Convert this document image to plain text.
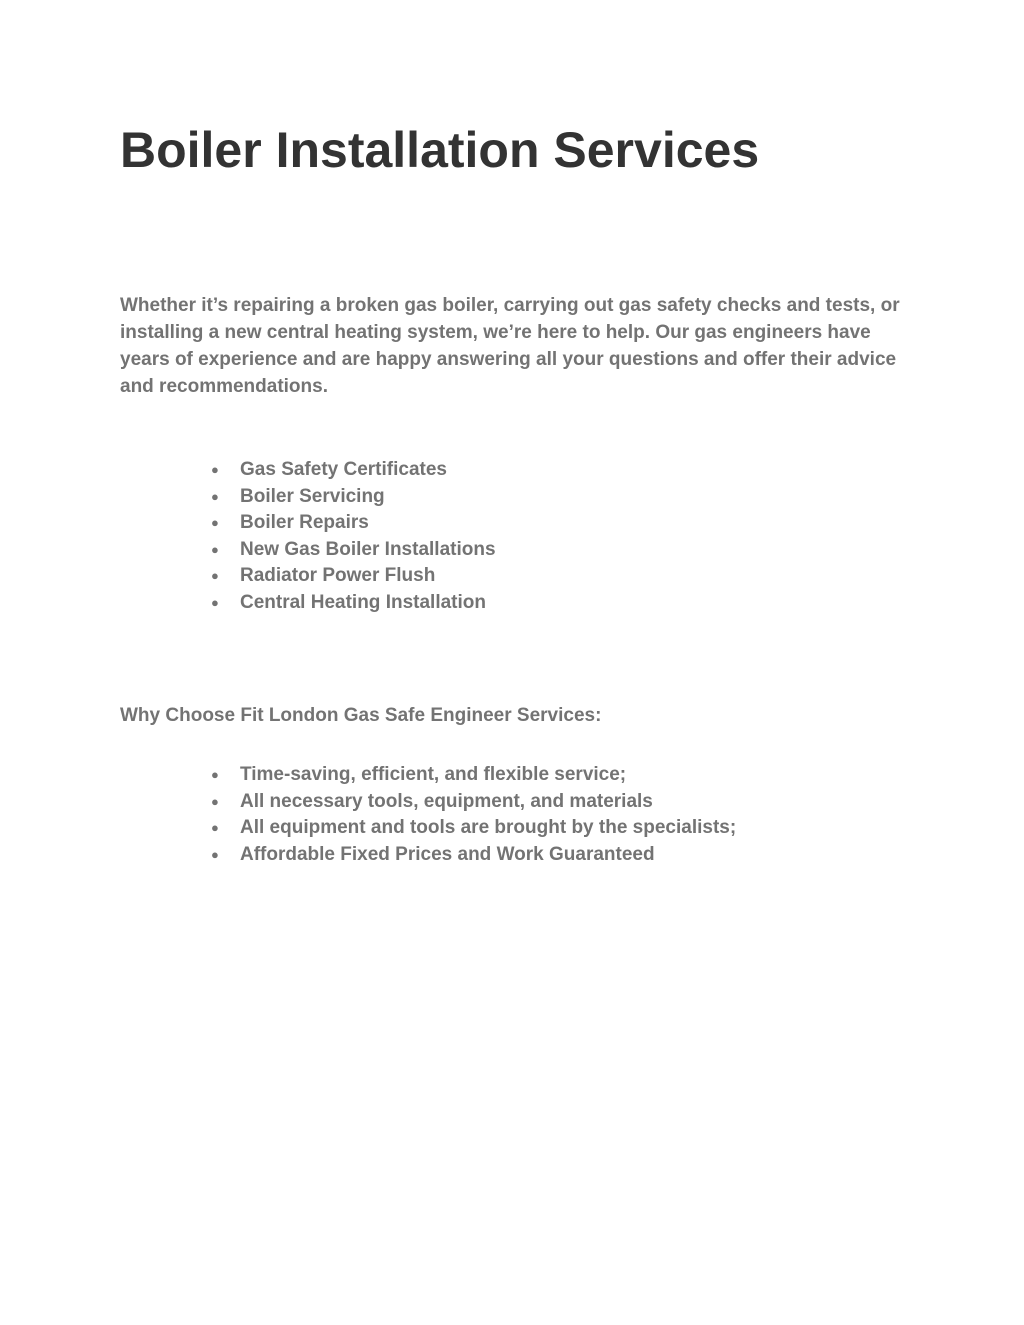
Boiler Installation Services

Whether it’s repairing a broken gas boiler, carrying out gas safety checks and tests, or installing a new central heating system, we’re here to help. Our gas engineers have years of experience and are happy answering all your questions and offer their advice and recommendations.

● Gas Safety Certificates
● Boiler Servicing
● Boiler Repairs
● New Gas Boiler Installations
● Radiator Power Flush
● Central Heating Installation

Why Choose Fit London Gas Safe Engineer Services:

● Time-saving, efficient, and flexible service;
● All necessary tools, equipment, and materials
● All equipment and tools are brought by the specialists;
● Affordable Fixed Prices and Work Guaranteed
